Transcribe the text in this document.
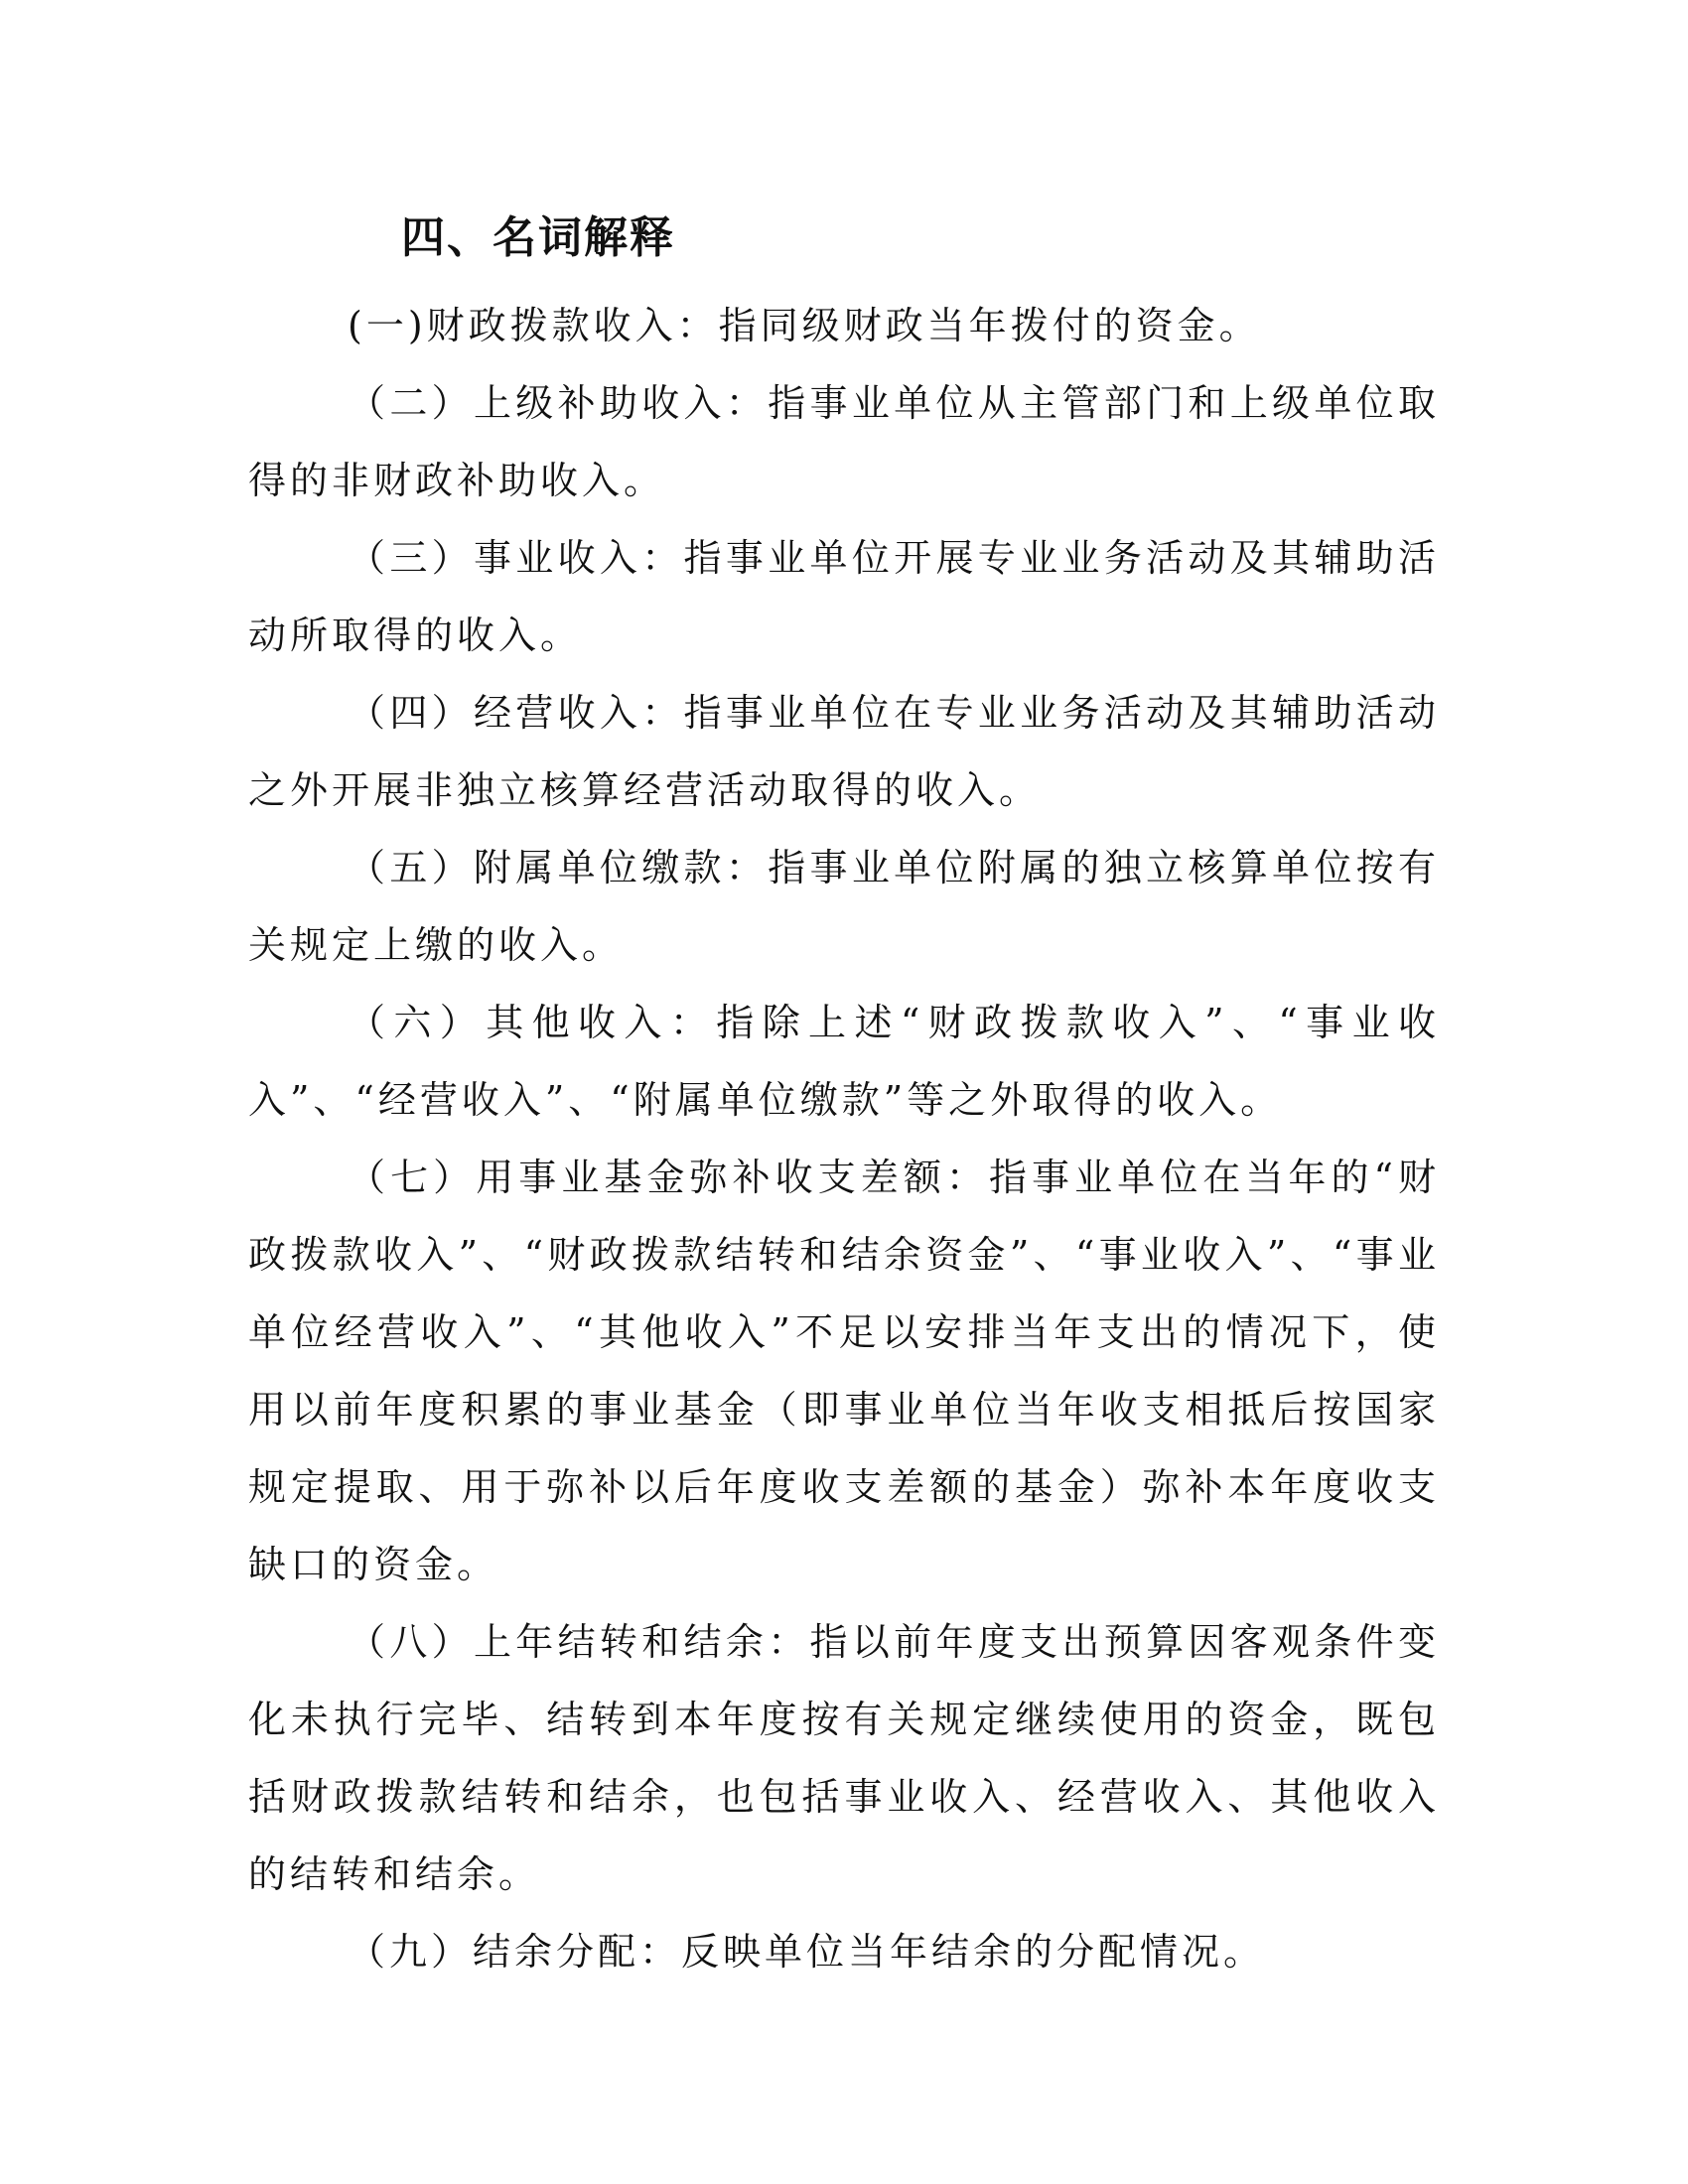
四、名词解释

(一)财政拨款收入：指同级财政当年拨付的资金。

（二）上级补助收入：指事业单位从主管部门和上级单位取得的非财政补助收入。

（三）事业收入：指事业单位开展专业业务活动及其辅助活动所取得的收入。

（四）经营收入：指事业单位在专业业务活动及其辅助活动之外开展非独立核算经营活动取得的收入。

（五）附属单位缴款：指事业单位附属的独立核算单位按有关规定上缴的收入。

（六）其他收入：指除上述“财政拨款收入”、“事业收入”、“经营收入”、“附属单位缴款”等之外取得的收入。

（七）用事业基金弥补收支差额：指事业单位在当年的“财政拨款收入”、“财政拨款结转和结余资金”、“事业收入”、“事业单位经营收入”、“其他收入”不足以安排当年支出的情况下，使用以前年度积累的事业基金（即事业单位当年收支相抵后按国家规定提取、用于弥补以后年度收支差额的基金）弥补本年度收支缺口的资金。

（八）上年结转和结余：指以前年度支出预算因客观条件变化未执行完毕、结转到本年度按有关规定继续使用的资金，既包括财政拨款结转和结余，也包括事业收入、经营收入、其他收入的结转和结余。

（九）结余分配：反映单位当年结余的分配情况。
